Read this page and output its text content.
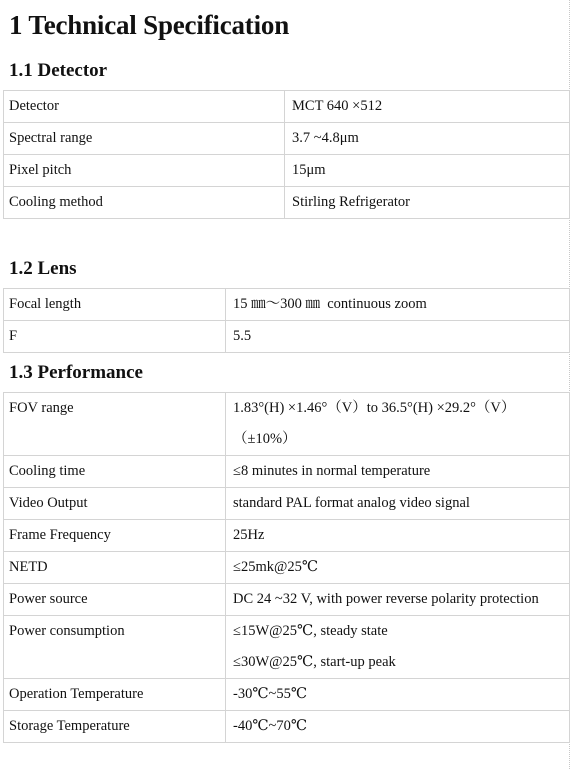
1 Technical Specification
1.1 Detector
Detector	MCT 640 ×512
Spectral range	3.7 ~4.8μm
Pixel pitch	15μm
Cooling method	Stirling Refrigerator
1.2 Lens
Focal length	15 ㎜～300 ㎜  continuous zoom
F	5.5
1.3 Performance
FOV range	1.83°(H) ×1.46°（V）to 36.5°(H) ×29.2°（V）（±10%）
Cooling time	≤8 minutes in normal temperature
Video Output	standard PAL format analog video signal
Frame Frequency	25Hz
NETD	≤25mk@25℃
Power source	DC 24 ~32 V, with power reverse polarity protection
Power consumption	≤15W@25℃, steady state
≤30W@25℃, start-up peak

Operation Temperature	-30℃~55℃
Storage Temperature	-40℃~70℃
